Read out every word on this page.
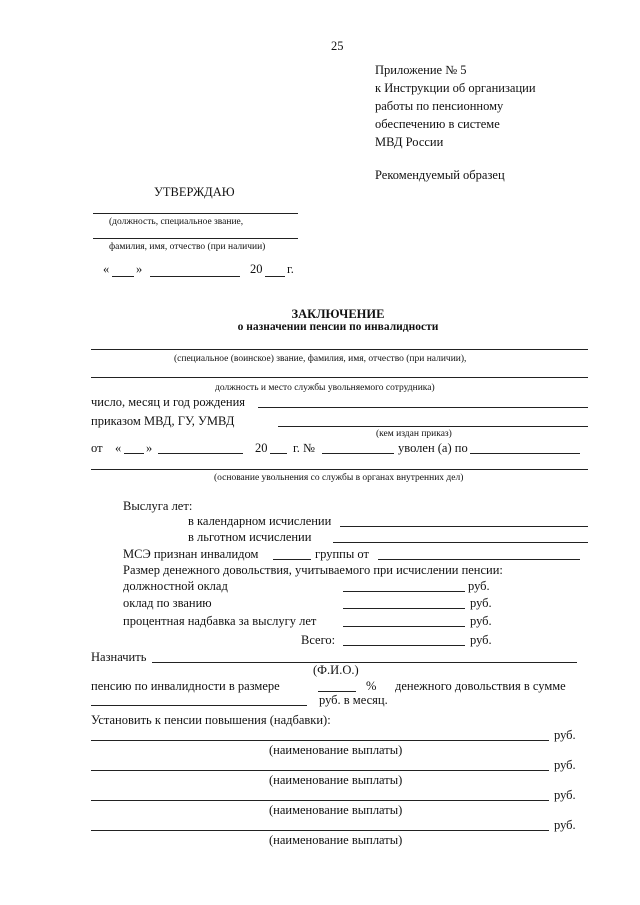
25
Приложение № 5
к Инструкции об организации
работы по пенсионному
обеспечению в системе
МВД России
Рекомендуемый образец
УТВЕРЖДАЮ
(должность, специальное звание,
фамилия, имя, отчество (при наличии)
« »	20 г.
ЗАКЛЮЧЕНИЕ
о назначении пенсии по инвалидности
(специальное (воинское) звание, фамилия, имя, отчество (при наличии),
должность и место службы увольняемого сотрудника)
число, месяц и год рождения
приказом МВД, ГУ, УМВД
(кем издан приказ)
от « »	20 г. №	уволен (а) по
(основание увольнения со службы в органах внутренних дел)
Выслуга лет:
в календарном исчислении
в льготном исчислении
МСЭ признан инвалидом	группы от
Размер денежного довольствия, учитываемого при исчислении пенсии:
должностной оклад	руб.
оклад по званию	руб.
процентная надбавка за выслугу лет	руб.
Всего:	руб.
Назначить
(Ф.И.О.)
пенсию по инвалидности в размере	% денежного довольствия в сумме
руб. в месяц.
Установить к пенсии повышения (надбавки):
руб.
(наименование выплаты)
руб.
(наименование выплаты)
руб.
(наименование выплаты)
руб.
(наименование выплаты)
